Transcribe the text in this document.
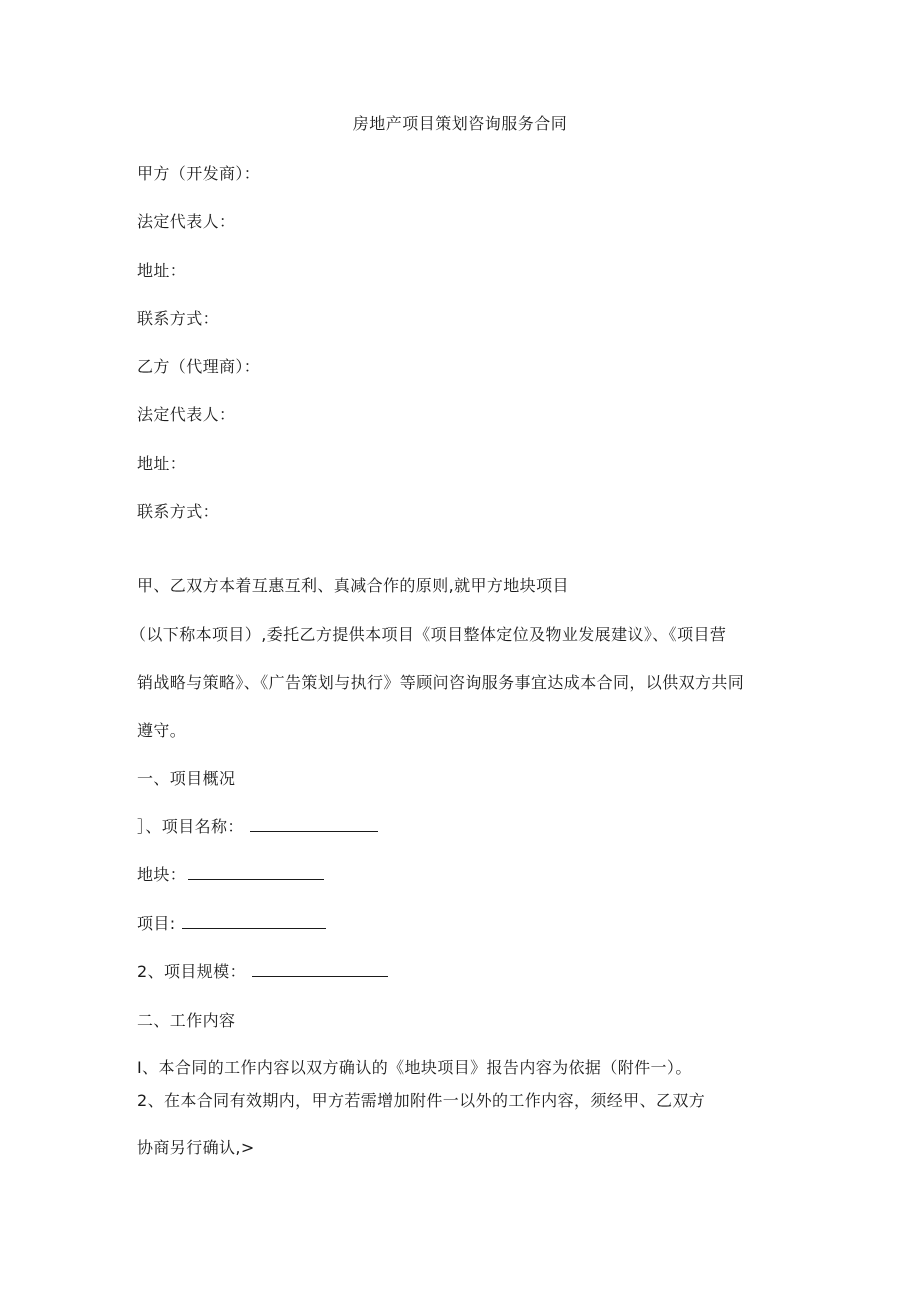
房地产项目策划咨询服务合同
甲方（开发商）：
法定代表人：
地址：
联系方式：
乙方（代理商）：
法定代表人：
地址：
联系方式：
甲、乙双方本着互惠互利、真减合作的原则,就甲方地块项目
（以下称本项目）,委托乙方提供本项目《项目整体定位及物业发展建议》、《项目营
销战略与策略》、《广告策划与执行》等顾问咨询服务事宜达成本合同，以供双方共同
遵守。
一、项目概况
］、项目名称：
地块：
项目:
2、项目规模：
二、工作内容
I、本合同的工作内容以双方确认的《地块项目》报告内容为依据（附件一）。
2、在本合同有效期内，甲方若需增加附件一以外的工作内容，须经甲、乙双方
协商另行确认,>
